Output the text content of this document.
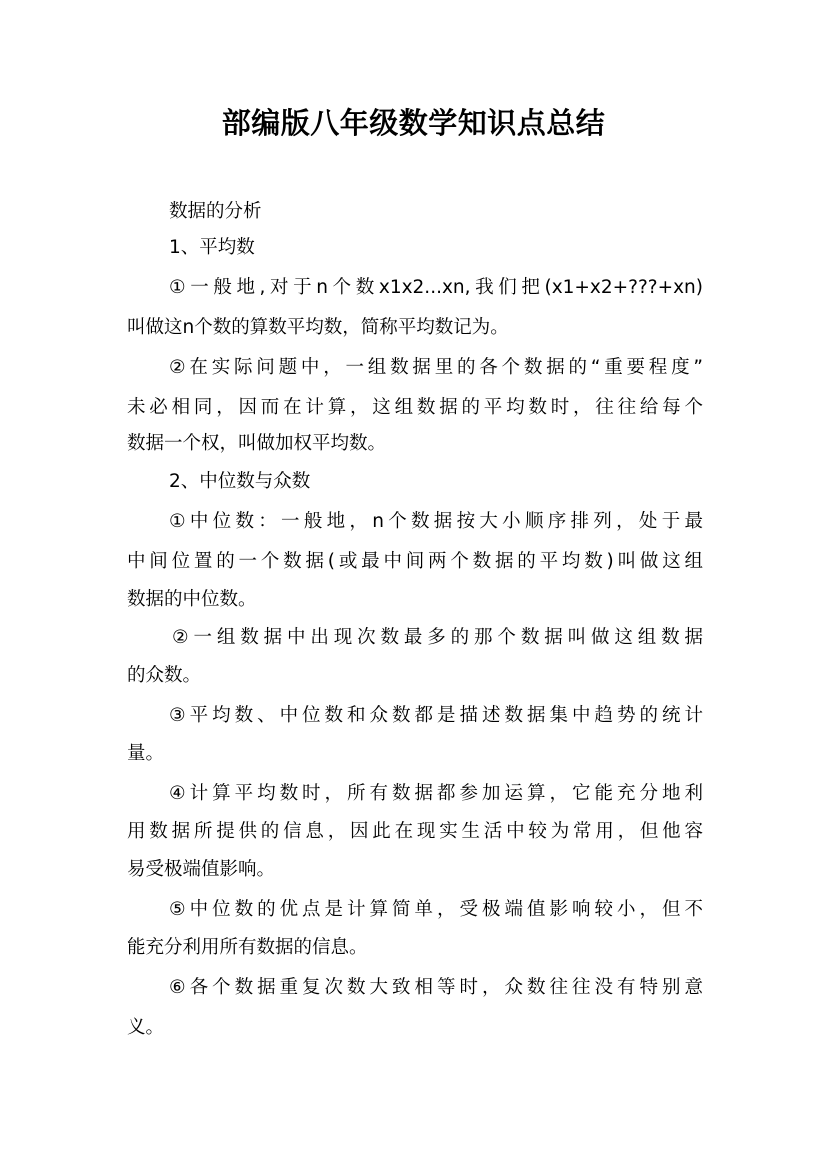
部编版八年级数学知识点总结
数据的分析
1、平均数
①一般地,对于n个数x1x2...xn,我们把(x1+x2+???+xn)
叫做这n个数的算数平均数，简称平均数记为。
②在实际问题中，一组数据里的各个数据的“重要程度”
未必相同，因而在计算，这组数据的平均数时，往往给每个
数据一个权，叫做加权平均数。
2、中位数与众数
①中位数：一般地，n个数据按大小顺序排列，处于最
中间位置的一个数据(或最中间两个数据的平均数)叫做这组
数据的中位数。
②一组数据中出现次数最多的那个数据叫做这组数据
的众数。
③平均数、中位数和众数都是描述数据集中趋势的统计
量。
④计算平均数时，所有数据都参加运算，它能充分地利
用数据所提供的信息，因此在现实生活中较为常用，但他容
易受极端值影响。
⑤中位数的优点是计算简单，受极端值影响较小，但不
能充分利用所有数据的信息。
⑥各个数据重复次数大致相等时，众数往往没有特别意
义。
